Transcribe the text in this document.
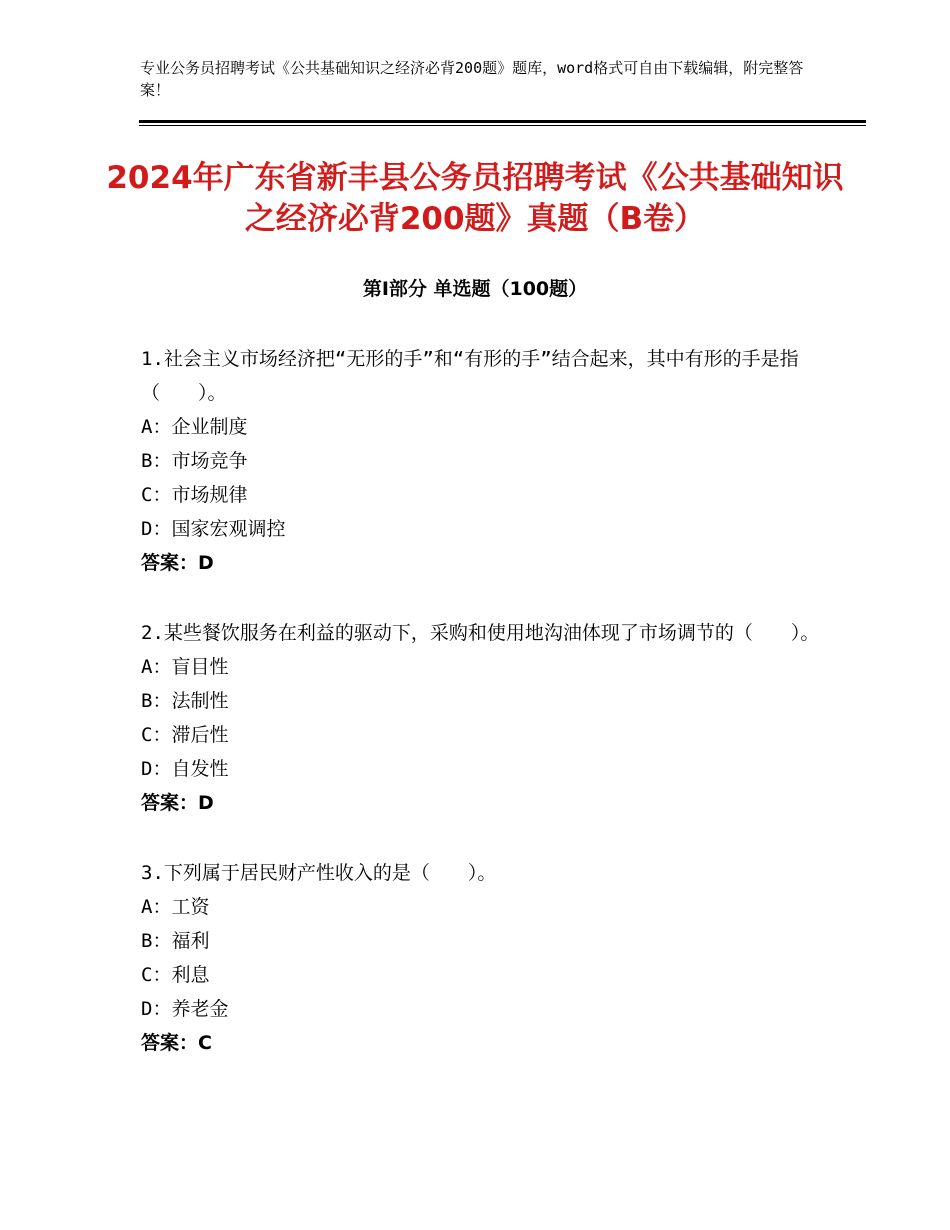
专业公务员招聘考试《公共基础知识之经济必背200题》题库，word格式可自由下载编辑，附完整答案！
2024年广东省新丰县公务员招聘考试《公共基础知识之经济必背200题》真题（B卷）
第Ⅰ部分 单选题（100题）

1.社会主义市场经济把“无形的手”和“有形的手”结合起来，其中有形的手是指（　　）。

A：企业制度

B：市场竞争

C：市场规律

D：国家宏观调控

答案：D

2.某些餐饮服务在利益的驱动下，采购和使用地沟油体现了市场调节的（　　）。

A：盲目性

B：法制性

C：滞后性

D：自发性

答案：D

3.下列属于居民财产性收入的是（　　）。

A：工资

B：福利

C：利息

D：养老金

答案：C
